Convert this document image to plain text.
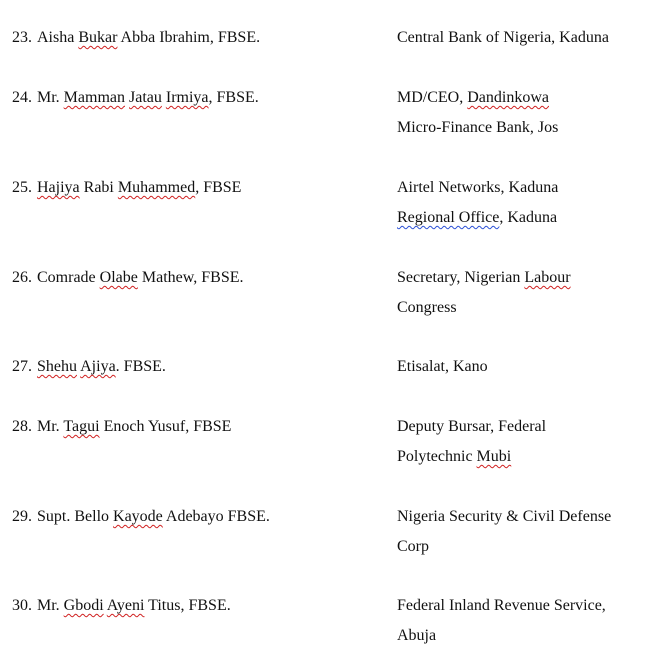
23. Aisha Bukar Abba Ibrahim, FBSE.	Central Bank of Nigeria, Kaduna
24. Mr. Mamman Jatau Irmiya, FBSE.	MD/CEO, Dandinkowa
Micro-Finance Bank, Jos
25. Hajiya Rabi Muhammed, FBSE	Airtel Networks, Kaduna
Regional Office, Kaduna
26. Comrade Olabe Mathew, FBSE.	Secretary, Nigerian Labour
Congress
27. Shehu Ajiya. FBSE.	Etisalat, Kano
28. Mr. Tagui Enoch Yusuf, FBSE	Deputy Bursar, Federal
Polytechnic Mubi
29. Supt. Bello Kayode Adebayo FBSE.	Nigeria Security & Civil Defense
Corp
30. Mr. Gbodi Ayeni Titus, FBSE.	Federal Inland Revenue Service,
Abuja
